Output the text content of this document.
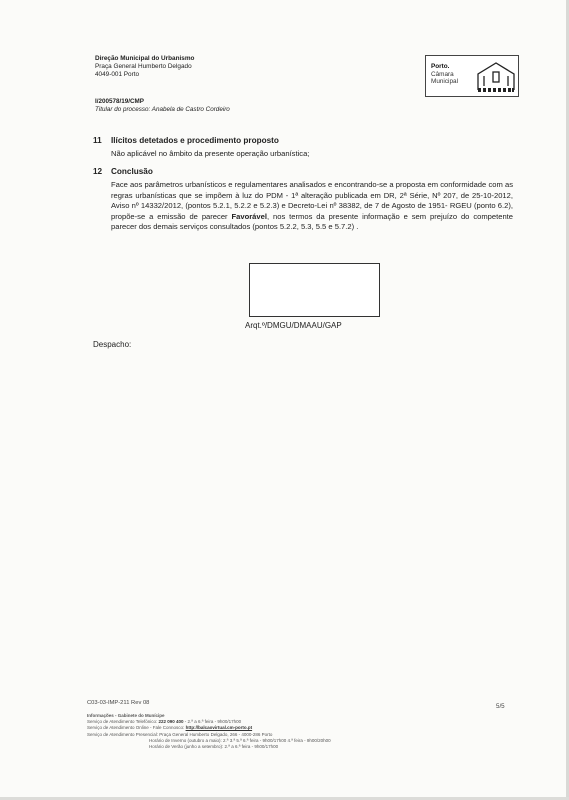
Direção Municipal do Urbanismo
Praça General Humberto Delgado
4049-001 Porto
Porto.
Câmara
Municipal
I/200578/19/CMP
Titular do processo: Anabela de Castro Cordeiro
11 Ilícitos detetados e procedimento proposto
Não aplicável no âmbito da presente operação urbanística;
12 Conclusão
Face aos parâmetros urbanísticos e regulamentares analisados e encontrando-se a proposta em conformidade com as regras urbanísticas que se impõem à luz do PDM - 1ª alteração publicada em DR, 2ª Série, Nº 207, de 25-10-2012, Aviso nº 14332/2012, (pontos 5.2.1, 5.2.2 e 5.2.3) e Decreto-Lei nº 38382, de 7 de Agosto de 1951- RGEU (ponto 6.2), propõe-se a emissão de parecer Favorável, nos termos da presente informação e sem prejuízo do competente parecer dos demais serviços consultados (pontos 5.2.2, 5.3, 5.5 e 5.7.2) .
Arqt.º/DMGU/DMAAU/GAP
Despacho:
C03-03-IMP-211 Rev 08	5/5
Informações - Gabinete do Munícipe
Serviço de Atendimento Telefónico: 222 090 400 - 2.ª a 6.ª feira - 9h00/17h00
Serviço de Atendimento Online - Fale Connosco: http://balcaovirtual.cm-porto.pt
Serviço de Atendimento Presencial: Praça General Humberto Delgado, 266 - 4000-286 Porto
Horário de Inverno (outubro a maio): 2.ª 3.ª 5.ª 6.ª feira - 9h00/17h00 4.ª feira - 9h00/20h00
Horário de Verão (junho a setembro): 2.ª a 6.ª feira - 9h00/17h00
